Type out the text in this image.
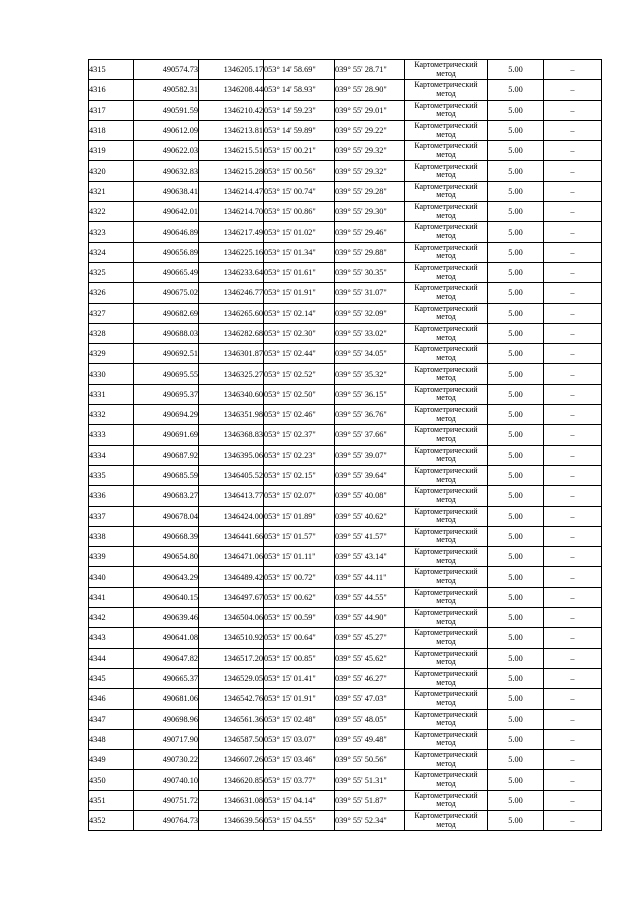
4315	490574.73	1346205.17	053° 14' 58.69"	039° 55' 28.71"	Картометрический
метод	5.00	–
4316	490582.31	1346208.44	053° 14' 58.93"	039° 55' 28.90"	Картометрический
метод	5.00	–
4317	490591.59	1346210.42	053° 14' 59.23"	039° 55' 29.01"	Картометрический
метод	5.00	–
4318	490612.09	1346213.81	053° 14' 59.89"	039° 55' 29.22"	Картометрический
метод	5.00	–
4319	490622.03	1346215.51	053° 15' 00.21"	039° 55' 29.32"	Картометрический
метод	5.00	–
4320	490632.83	1346215.28	053° 15' 00.56"	039° 55' 29.32"	Картометрический
метод	5.00	–
4321	490638.41	1346214.47	053° 15' 00.74"	039° 55' 29.28"	Картометрический
метод	5.00	–
4322	490642.01	1346214.70	053° 15' 00.86"	039° 55' 29.30"	Картометрический
метод	5.00	–
4323	490646.89	1346217.49	053° 15' 01.02"	039° 55' 29.46"	Картометрический
метод	5.00	–
4324	490656.89	1346225.16	053° 15' 01.34"	039° 55' 29.88"	Картометрический
метод	5.00	–
4325	490665.49	1346233.64	053° 15' 01.61"	039° 55' 30.35"	Картометрический
метод	5.00	–
4326	490675.02	1346246.77	053° 15' 01.91"	039° 55' 31.07"	Картометрический
метод	5.00	–
4327	490682.69	1346265.60	053° 15' 02.14"	039° 55' 32.09"	Картометрический
метод	5.00	–
4328	490688.03	1346282.68	053° 15' 02.30"	039° 55' 33.02"	Картометрический
метод	5.00	–
4329	490692.51	1346301.87	053° 15' 02.44"	039° 55' 34.05"	Картометрический
метод	5.00	–
4330	490695.55	1346325.27	053° 15' 02.52"	039° 55' 35.32"	Картометрический
метод	5.00	–
4331	490695.37	1346340.60	053° 15' 02.50"	039° 55' 36.15"	Картометрический
метод	5.00	–
4332	490694.29	1346351.98	053° 15' 02.46"	039° 55' 36.76"	Картометрический
метод	5.00	–
4333	490691.69	1346368.83	053° 15' 02.37"	039° 55' 37.66"	Картометрический
метод	5.00	–
4334	490687.92	1346395.06	053° 15' 02.23"	039° 55' 39.07"	Картометрический
метод	5.00	–
4335	490685.59	1346405.52	053° 15' 02.15"	039° 55' 39.64"	Картометрический
метод	5.00	–
4336	490683.27	1346413.77	053° 15' 02.07"	039° 55' 40.08"	Картометрический
метод	5.00	–
4337	490678.04	1346424.00	053° 15' 01.89"	039° 55' 40.62"	Картометрический
метод	5.00	–
4338	490668.39	1346441.66	053° 15' 01.57"	039° 55' 41.57"	Картометрический
метод	5.00	–
4339	490654.80	1346471.06	053° 15' 01.11"	039° 55' 43.14"	Картометрический
метод	5.00	–
4340	490643.29	1346489.42	053° 15' 00.72"	039° 55' 44.11"	Картометрический
метод	5.00	–
4341	490640.15	1346497.67	053° 15' 00.62"	039° 55' 44.55"	Картометрический
метод	5.00	–
4342	490639.46	1346504.06	053° 15' 00.59"	039° 55' 44.90"	Картометрический
метод	5.00	–
4343	490641.08	1346510.92	053° 15' 00.64"	039° 55' 45.27"	Картометрический
метод	5.00	–
4344	490647.82	1346517.20	053° 15' 00.85"	039° 55' 45.62"	Картометрический
метод	5.00	–
4345	490665.37	1346529.05	053° 15' 01.41"	039° 55' 46.27"	Картометрический
метод	5.00	–
4346	490681.06	1346542.76	053° 15' 01.91"	039° 55' 47.03"	Картометрический
метод	5.00	–
4347	490698.96	1346561.36	053° 15' 02.48"	039° 55' 48.05"	Картометрический
метод	5.00	–
4348	490717.90	1346587.50	053° 15' 03.07"	039° 55' 49.48"	Картометрический
метод	5.00	–
4349	490730.22	1346607.26	053° 15' 03.46"	039° 55' 50.56"	Картометрический
метод	5.00	–
4350	490740.10	1346620.85	053° 15' 03.77"	039° 55' 51.31"	Картометрический
метод	5.00	–
4351	490751.72	1346631.08	053° 15' 04.14"	039° 55' 51.87"	Картометрический
метод	5.00	–
4352	490764.73	1346639.56	053° 15' 04.55"	039° 55' 52.34"	Картометрический
метод	5.00	–
